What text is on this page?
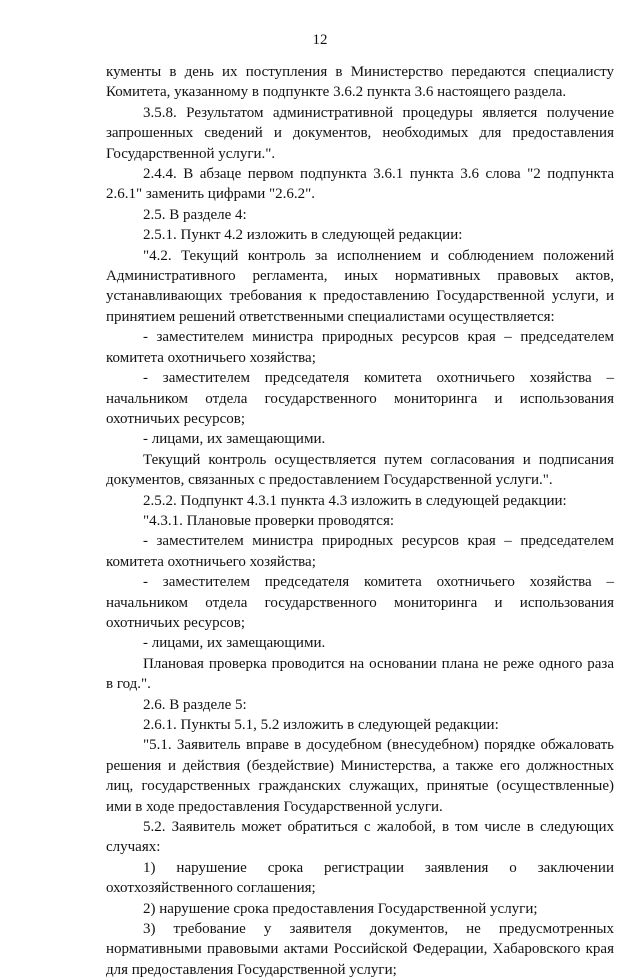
12

кументы в день их поступления в Министерство передаются специалисту Комитета, указанному в подпункте 3.6.2 пункта 3.6 настоящего раздела.

3.5.8. Результатом административной процедуры является получение запрошенных сведений и документов, необходимых для предоставления Государственной услуги.".

2.4.4. В абзаце первом подпункта 3.6.1 пункта 3.6 слова "2 подпункта 2.6.1" заменить цифрами "2.6.2".

2.5. В разделе 4:

2.5.1. Пункт 4.2 изложить в следующей редакции:

"4.2. Текущий контроль за исполнением и соблюдением положений Административного регламента, иных нормативных правовых актов, устанавливающих требования к предоставлению Государственной услуги, и принятием решений ответственными специалистами осуществляется:

- заместителем министра природных ресурсов края – председателем комитета охотничьего хозяйства;

- заместителем председателя комитета охотничьего хозяйства – начальником отдела государственного мониторинга и использования охотничьих ресурсов;

- лицами, их замещающими.

Текущий контроль осуществляется путем согласования и подписания документов, связанных с предоставлением Государственной услуги.".

2.5.2. Подпункт 4.3.1 пункта 4.3 изложить в следующей редакции:

"4.3.1. Плановые проверки проводятся:

- заместителем министра природных ресурсов края – председателем комитета охотничьего хозяйства;

- заместителем председателя комитета охотничьего хозяйства – начальником отдела государственного мониторинга и использования охотничьих ресурсов;

- лицами, их замещающими.

Плановая проверка проводится на основании плана не реже одного раза в год.".

2.6. В разделе 5:

2.6.1. Пункты 5.1, 5.2 изложить в следующей редакции:

"5.1. Заявитель вправе в досудебном (внесудебном) порядке обжаловать решения и действия (бездействие) Министерства, а также его должностных лиц, государственных гражданских служащих, принятые (осуществленные) ими в ходе предоставления Государственной услуги.

5.2. Заявитель может обратиться с жалобой, в том числе в следующих случаях:

1) нарушение срока регистрации заявления о заключении охотхозяйственного соглашения;

2) нарушение срока предоставления Государственной услуги;

3) требование у заявителя документов, не предусмотренных нормативными правовыми актами Российской Федерации, Хабаровского края для предоставления Государственной услуги;
